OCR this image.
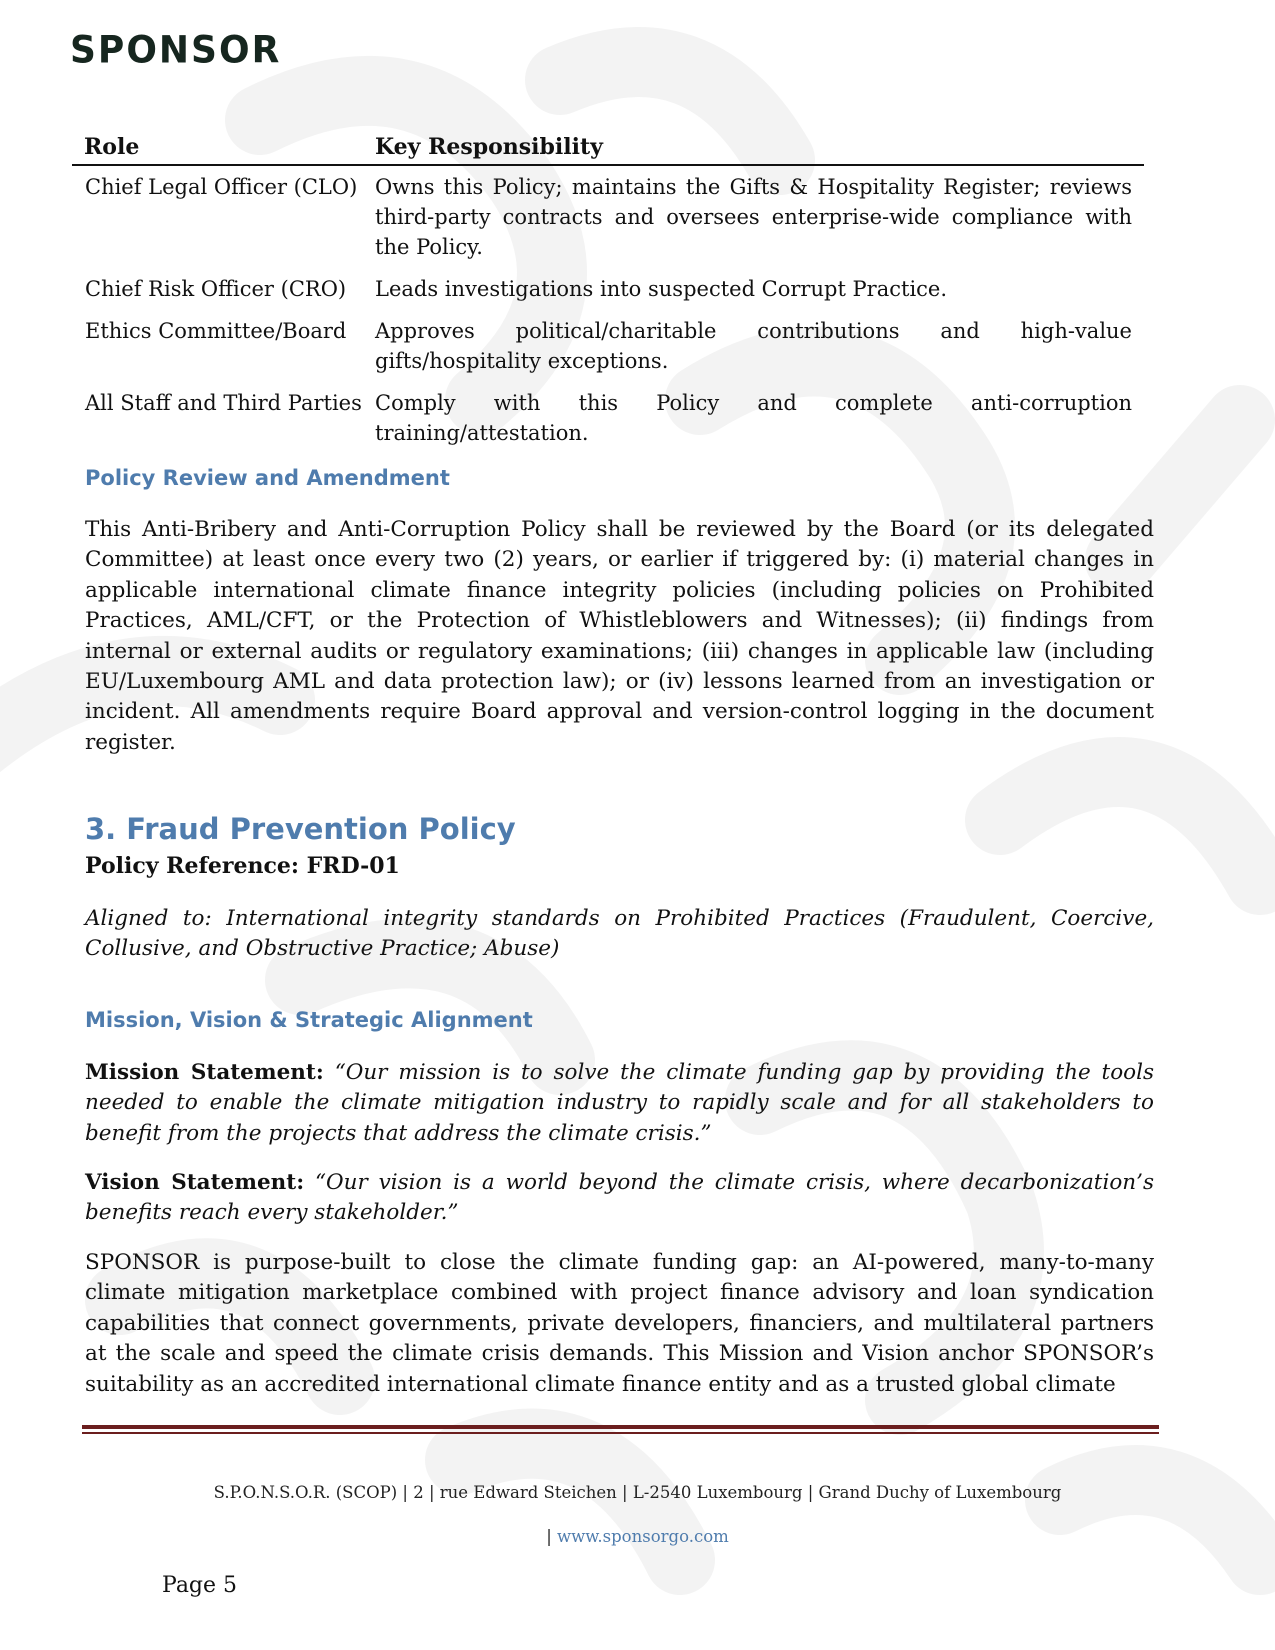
SPONSOR
Role	Key Responsibility
Chief Legal Officer (CLO)	Owns this Policy; maintains the Gifts & Hospitality Register; reviews third-party contracts and oversees enterprise-wide compliance with the Policy.
Chief Risk Officer (CRO)	Leads investigations into suspected Corrupt Practice.
Ethics Committee/Board	Approves political/charitable contributions and high-value gifts/hospitality exceptions.
All Staff and Third Parties	Comply with this Policy and complete anti-corruption training/attestation.
Policy Review and Amendment
This Anti-Bribery and Anti-Corruption Policy shall be reviewed by the Board (or its delegated Committee) at least once every two (2) years, or earlier if triggered by: (i) material changes in applicable international climate finance integrity policies (including policies on Prohibited Practices, AML/CFT, or the Protection of Whistleblowers and Witnesses); (ii) findings from internal or external audits or regulatory examinations; (iii) changes in applicable law (including EU/Luxembourg AML and data protection law); or (iv) lessons learned from an investigation or incident. All amendments require Board approval and version-control logging in the document register.
3. Fraud Prevention Policy
Policy Reference: FRD-01
Aligned to: International integrity standards on Prohibited Practices (Fraudulent, Coercive, Collusive, and Obstructive Practice; Abuse)
Mission, Vision & Strategic Alignment
Mission Statement: “Our mission is to solve the climate funding gap by providing the tools needed to enable the climate mitigation industry to rapidly scale and for all stakeholders to benefit from the projects that address the climate crisis.”
Vision Statement: “Our vision is a world beyond the climate crisis, where decarbonization’s benefits reach every stakeholder.”
SPONSOR is purpose-built to close the climate funding gap: an AI-powered, many-to-many climate mitigation marketplace combined with project finance advisory and loan syndication capabilities that connect governments, private developers, financiers, and multilateral partners at the scale and speed the climate crisis demands. This Mission and Vision anchor SPONSOR’s suitability as an accredited international climate finance entity and as a trusted global climate
S.P.O.N.S.O.R. (SCOP) | 2 | rue Edward Steichen | L-2540 Luxembourg | Grand Duchy of Luxembourg
| www.sponsorgo.com
Page 5
